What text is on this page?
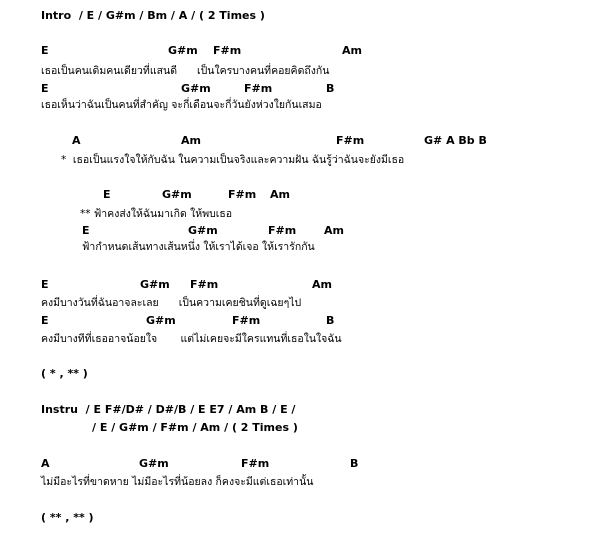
Intro  / E / G#m / Bm / A / ( 2 Times )

E	G#m F#m	Am

เธอเป็นคนเดิมคนเดียวที่แสนดี      เป็นใครบางคนที่คอยคิดถึงกัน

E	G#m	F#m	B

เธอเห็นว่าฉันเป็นคนที่สำคัญ จะกี่เดือนจะกี่วันยังห่วงใยกันเสมอ

A	Am	F#m	G# A Bb B

*  เธอเป็นแรงใจให้กับฉัน ในความเป็นจริงและความฝัน ฉันรู้ว่าฉันจะยังมีเธอ

E	G#m	F#m Am

** ฟ้าคงส่งให้ฉันมาเกิด ให้พบเธอ

E	G#m	F#m	Am

ฟ้ากำหนดเส้นทางเส้นหนึ่ง ให้เราได้เจอ ให้เรารักกัน

E	G#m F#m	Am

คงมีบางวันที่ฉันอาจละเลย      เป็นความเคยชินที่ดูเฉยๆไป

E	G#m	F#m	B

คงมีบางทีที่เธออาจน้อยใจ       แต่ไม่เคยจะมีใครแทนที่เธอในใจฉัน

( * , ** )

Instru  / E F#/D# / D#/B / E E7 / Am B / E /

/ E / G#m / F#m / Am / ( 2 Times )

A	G#m	F#m	B

ไม่มีอะไรที่ขาดหาย ไม่มีอะไรที่น้อยลง ก็คงจะมีแต่เธอเท่านั้น

( ** , ** )
